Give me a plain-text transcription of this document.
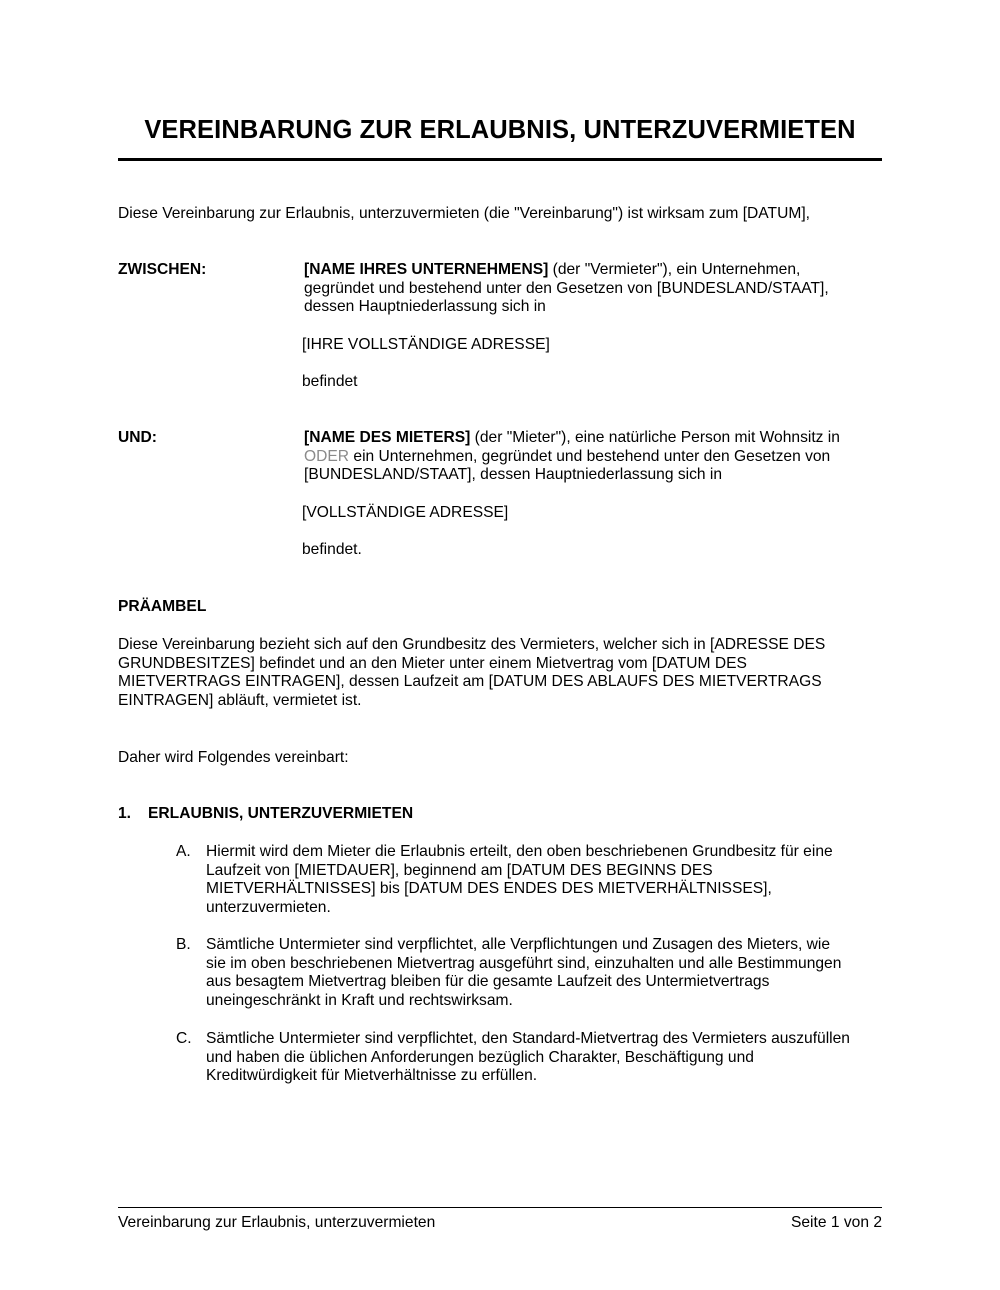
VEREINBARUNG ZUR ERLAUBNIS, UNTERZUVERMIETEN
Diese Vereinbarung zur Erlaubnis, unterzuvermieten (die "Vereinbarung") ist wirksam zum [DATUM],
ZWISCHEN:	[NAME IHRES UNTERNEHMENS] (der "Vermieter"), ein Unternehmen,
gegründet und bestehend unter den Gesetzen von [BUNDESLAND/STAAT],
dessen Hauptniederlassung sich in
[IHRE VOLLSTÄNDIGE ADRESSE]
befindet
UND:	[NAME DES MIETERS] (der "Mieter"), eine natürliche Person mit Wohnsitz in
ODER ein Unternehmen, gegründet und bestehend unter den Gesetzen von
[BUNDESLAND/STAAT], dessen Hauptniederlassung sich in
[VOLLSTÄNDIGE ADRESSE]
befindet.
PRÄAMBEL
Diese Vereinbarung bezieht sich auf den Grundbesitz des Vermieters, welcher sich in [ADRESSE DES
GRUNDBESITZES] befindet und an den Mieter unter einem Mietvertrag vom [DATUM DES
MIETVERTRAGS EINTRAGEN], dessen Laufzeit am [DATUM DES ABLAUFS DES MIETVERTRAGS
EINTRAGEN] abläuft, vermietet ist.
Daher wird Folgendes vereinbart:
1. ERLAUBNIS, UNTERZUVERMIETEN
A. Hiermit wird dem Mieter die Erlaubnis erteilt, den oben beschriebenen Grundbesitz für eine
Laufzeit von [MIETDAUER], beginnend am [DATUM DES BEGINNS DES
MIETVERHÄLTNISSES] bis [DATUM DES ENDES DES MIETVERHÄLTNISSES],
unterzuvermieten.
B. Sämtliche Untermieter sind verpflichtet, alle Verpflichtungen und Zusagen des Mieters, wie
sie im oben beschriebenen Mietvertrag ausgeführt sind, einzuhalten und alle Bestimmungen
aus besagtem Mietvertrag bleiben für die gesamte Laufzeit des Untermietvertrags
uneingeschränkt in Kraft und rechtswirksam.
C. Sämtliche Untermieter sind verpflichtet, den Standard-Mietvertrag des Vermieters auszufüllen
und haben die üblichen Anforderungen bezüglich Charakter, Beschäftigung und
Kreditwürdigkeit für Mietverhältnisse zu erfüllen.
Vereinbarung zur Erlaubnis, unterzuvermieten	Seite 1 von 2
